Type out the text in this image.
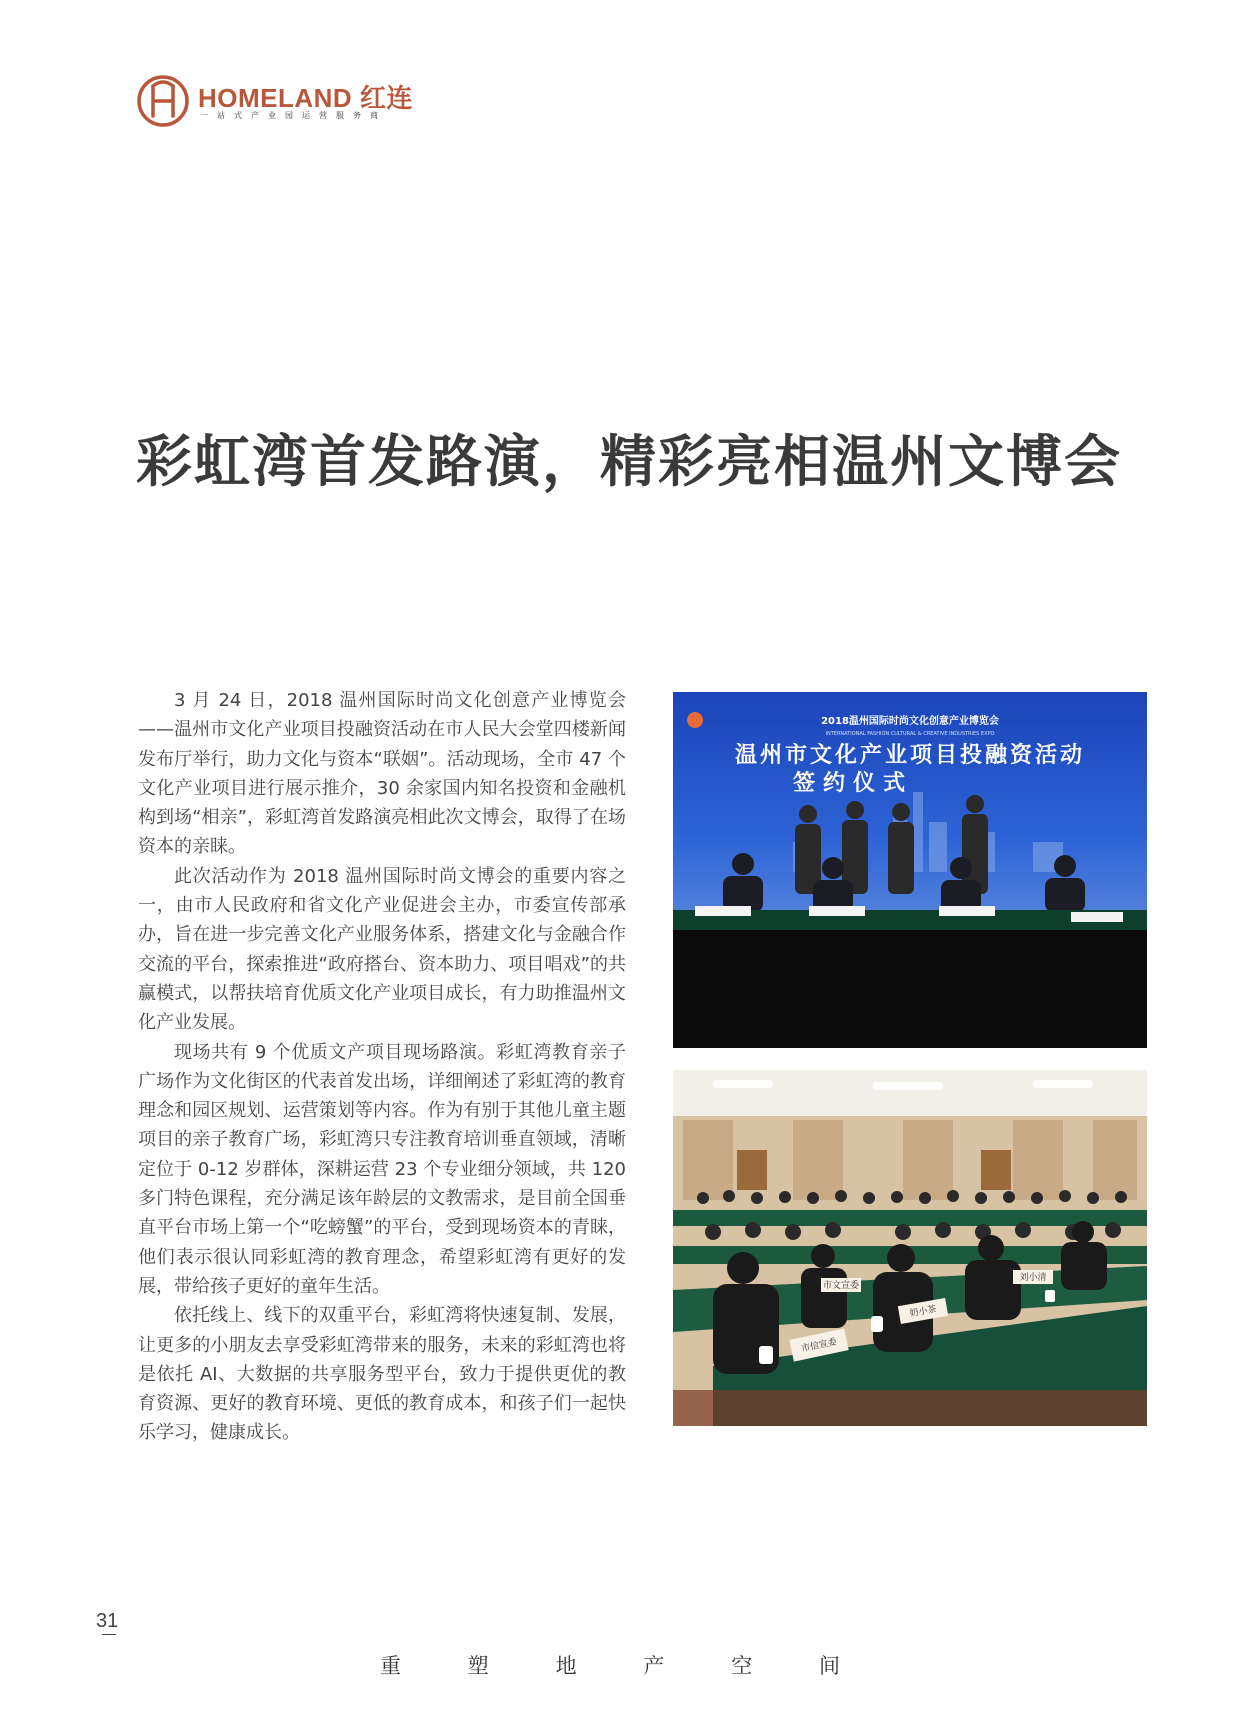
HOMELAND 红连
一站式产业园运营服务商
彩虹湾首发路演，精彩亮相温州文博会

3 月 24 日，2018 温州国际时尚文化创意产业博览会——温州市文化产业项目投融资活动在市人民大会堂四楼新闻发布厅举行，助力文化与资本“联姻”。活动现场，全市 47 个文化产业项目进行展示推介，30 余家国内知名投资和金融机构到场“相亲”，彩虹湾首发路演亮相此次文博会，取得了在场资本的亲睐。

此次活动作为 2018 温州国际时尚文博会的重要内容之一，由市人民政府和省文化产业促进会主办，市委宣传部承办，旨在进一步完善文化产业服务体系，搭建文化与金融合作交流的平台，探索推进“政府搭台、资本助力、项目唱戏”的共赢模式，以帮扶培育优质文化产业项目成长，有力助推温州文化产业发展。

现场共有 9 个优质文产项目现场路演。彩虹湾教育亲子广场作为文化街区的代表首发出场，详细阐述了彩虹湾的教育理念和园区规划、运营策划等内容。作为有别于其他儿童主题项目的亲子教育广场，彩虹湾只专注教育培训垂直领域，清晰定位于 0-12 岁群体，深耕运营 23 个专业细分领域，共 120 多门特色课程，充分满足该年龄层的文教需求，是目前全国垂直平台市场上第一个“吃螃蟹”的平台，受到现场资本的青睐，他们表示很认同彩虹湾的教育理念，希望彩虹湾有更好的发展，带给孩子更好的童年生活。

依托线上、线下的双重平台，彩虹湾将快速复制、发展，让更多的小朋友去享受彩虹湾带来的服务，未来的彩虹湾也将是依托 AI、大数据的共享服务型平台，致力于提供更优的教育资源、更好的教育环境、更低的教育成本，和孩子们一起快乐学习，健康成长。

2018温州国际时尚文化创意产业博览会
INTERNATIONAL FASHION CULTURAL & CREATIVE INDUSTRIES EXPO
温州市文化产业项目投融资活动
签约仪式
市信宣委
奶小茶
市文宣委
刘小清
31
重	塑	地	产	空	间
